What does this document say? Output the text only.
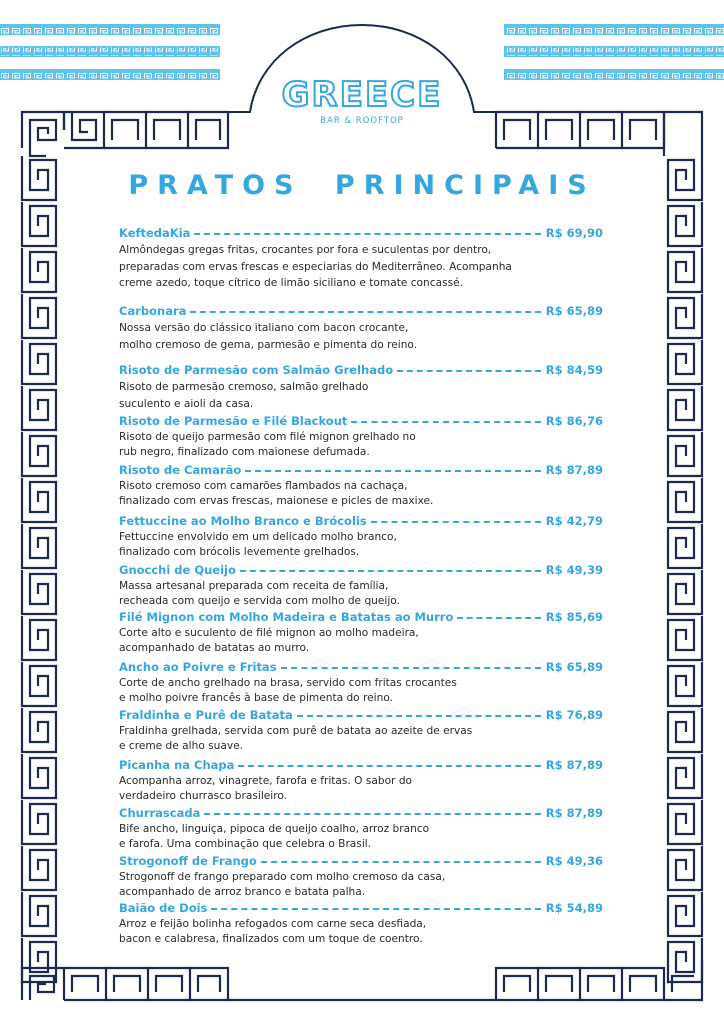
GREECE
BAR & ROOFTOP
PRATOS PRINCIPAIS
KeftedaKia	R$ 69,90
Almôndegas gregas fritas, crocantes por fora e suculentas por dentro,
preparadas com ervas frescas e especiarias do Mediterrâneo. Acompanha
creme azedo, toque cítrico de limão siciliano e tomate concassé.
Carbonara	R$ 65,89
Nossa versão do clássico italiano com bacon crocante,
molho cremoso de gema, parmesão e pimenta do reino.
Risoto de Parmesão com Salmão Grelhado	R$ 84,59
Risoto de parmesão cremoso, salmão grelhado
suculento e aioli da casa.
Risoto de Parmesão e Filé Blackout	R$ 86,76
Risoto de queijo parmesão com filé mignon grelhado no
rub negro, finalizado com maionese defumada.
Risoto de Camarão	R$ 87,89
Risoto cremoso com camarões flambados na cachaça,
finalizado com ervas frescas, maionese e picles de maxixe.
Fettuccine ao Molho Branco e Brócolis	R$ 42,79
Fettuccine envolvido em um delicado molho branco,
finalizado com brócolis levemente grelhados.
Gnocchi de Queijo	R$ 49,39
Massa artesanal preparada com receita de família,
recheada com queijo e servida com molho de queijo.
Filé Mignon com Molho Madeira e Batatas ao Murro	R$ 85,69
Corte alto e suculento de filé mignon ao molho madeira,
acompanhado de batatas ao murro.
Ancho ao Poivre e Fritas	R$ 65,89
Corte de ancho grelhado na brasa, servido com fritas crocantes
e molho poivre francês à base de pimenta do reino.
Fraldinha e Purê de Batata	R$ 76,89
Fraldinha grelhada, servida com purê de batata ao azeite de ervas
e creme de alho suave.
Picanha na Chapa	R$ 87,89
Acompanha arroz, vinagrete, farofa e fritas. O sabor do
verdadeiro churrasco brasileiro.
Churrascada	R$ 87,89
Bife ancho, linguiça, pipoca de queijo coalho, arroz branco
e farofa. Uma combinação que celebra o Brasil.
Strogonoff de Frango	R$ 49,36
Strogonoff de frango preparado com molho cremoso da casa,
acompanhado de arroz branco e batata palha.
Baião de Dois	R$ 54,89
Arroz e feijão bolinha refogados com carne seca desfiada,
bacon e calabresa, finalizados com um toque de coentro.
